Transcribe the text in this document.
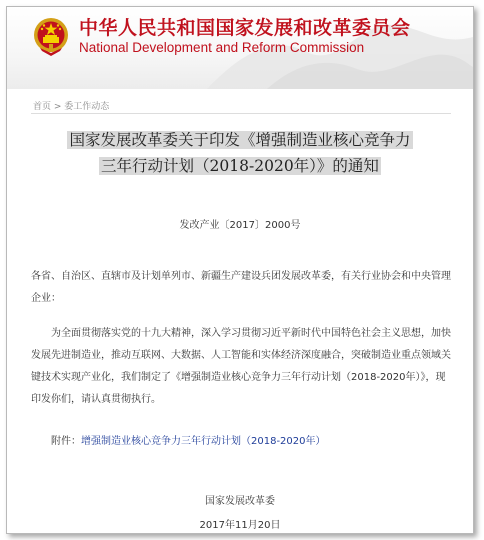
中华人民共和国国家发展和改革委员会
National Development and Reform Commission
首页 > 委工作动态
国家发展改革委关于印发《增强制造业核心竞争力
三年行动计划（2018-2020年）》的通知
发改产业〔2017〕2000号
各省、自治区、直辖市及计划单列市、新疆生产建设兵团发展改革委，有关行业协会和中央管理企业：
为全面贯彻落实党的十九大精神，深入学习贯彻习近平新时代中国特色社会主义思想，加快发展先进制造业，推动互联网、大数据、人工智能和实体经济深度融合，突破制造业重点领域关键技术实现产业化，我们制定了《增强制造业核心竞争力三年行动计划（2018-2020年）》，现印发你们，请认真贯彻执行。
附件：增强制造业核心竞争力三年行动计划（2018-2020年）
国家发展改革委
2017年11月20日
